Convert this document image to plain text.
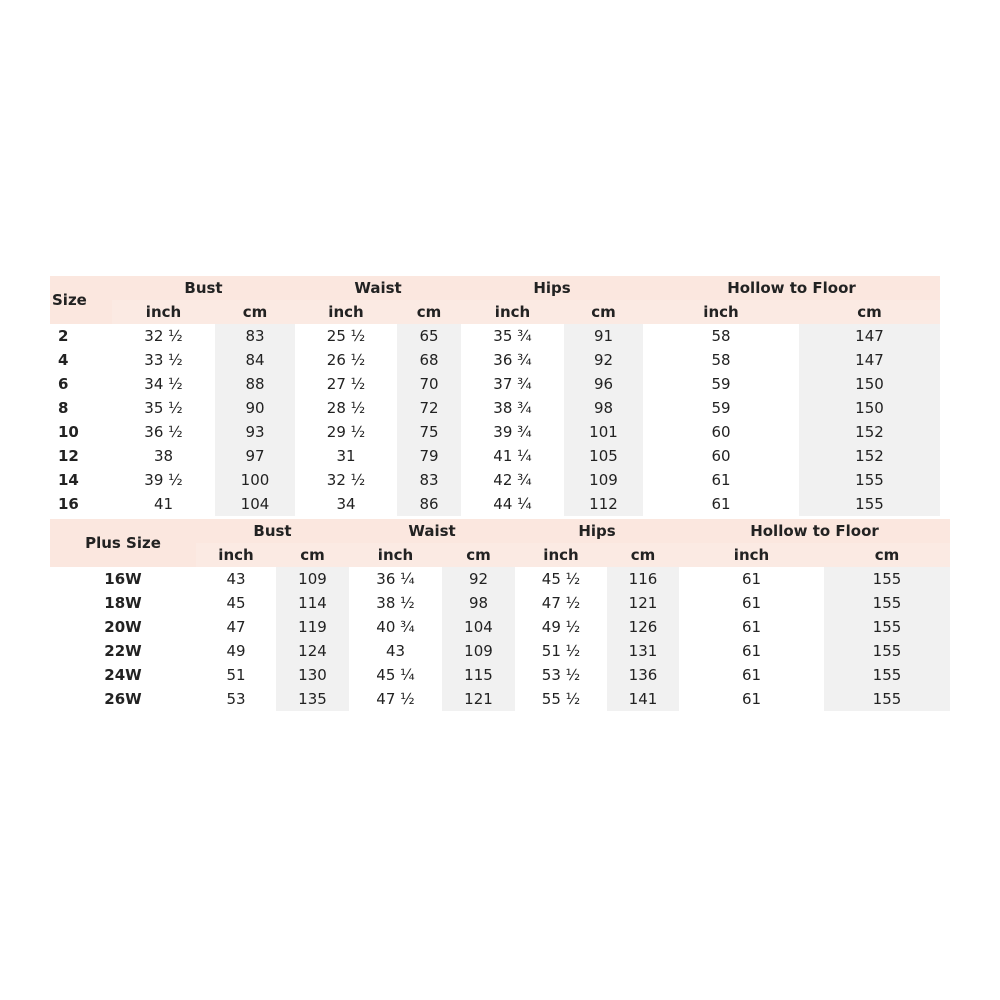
Size	Bust		Waist		Hips		Hollow to Floor	
	inch	cm	inch	cm	inch	cm	inch	cm
2	32 ½	83	25 ½	65	35 ¾	91	58	147
4	33 ½	84	26 ½	68	36 ¾	92	58	147
6	34 ½	88	27 ½	70	37 ¾	96	59	150
8	35 ½	90	28 ½	72	38 ¾	98	59	150
10	36 ½	93	29 ½	75	39 ¾	101	60	152
12	38	97	31	79	41 ¼	105	60	152
14	39 ½	100	32 ½	83	42 ¾	109	61	155
16	41	104	34	86	44 ¼	112	61	155
Plus Size	Bust		Waist		Hips		Hollow to Floor	
	inch	cm	inch	cm	inch	cm	inch	cm
16W	43	109	36 ¼	92	45 ½	116	61	155
18W	45	114	38 ½	98	47 ½	121	61	155
20W	47	119	40 ¾	104	49 ½	126	61	155
22W	49	124	43	109	51 ½	131	61	155
24W	51	130	45 ¼	115	53 ½	136	61	155
26W	53	135	47 ½	121	55 ½	141	61	155
